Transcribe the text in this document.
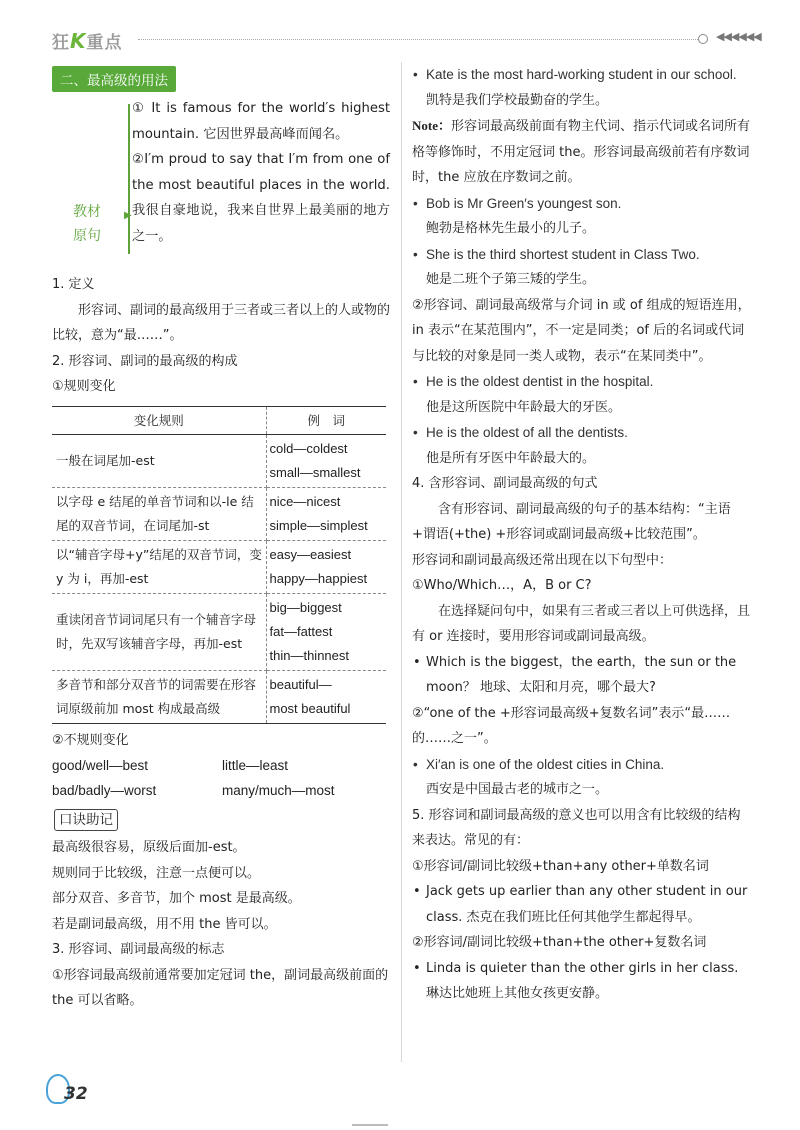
狂K重点	◀◀◀◀◀◀
二、最高级的用法
教材
原句
▶
① It is famous for the world′s highest mountain. 它因世界最高峰而闻名。
②I′m proud to say that I′m from one of the most beautiful places in the world. 我很自豪地说，我来自世界上最美丽的地方之一。
1. 定义
形容词、副词的最高级用于三者或三者以上的人或物的比较，意为“最……”。
2. 形容词、副词的最高级的构成
①规则变化
变化规则	例　词
一般在词尾加-est	cold—coldest
small—smallest

以字母 e 结尾的单音节词和以-le 结尾的双音节词，在词尾加-st	nice—nicest
simple—simplest

以“辅音字母+y”结尾的双音节词，变 y 为 i，再加-est	easy—easiest
happy—happiest

重读闭音节词词尾只有一个辅音字母时，先双写该辅音字母，再加-est	big—biggest
fat—fattest
thin—thinnest

多音节和部分双音节的词需要在形容词原级前加 most 构成最高级	beautiful—
most beautiful
②不规则变化
good/well—best	little—least
bad/badly—worst	many/much—most
口诀助记
最高级很容易，原级后面加-est。
规则同于比较级，注意一点便可以。
部分双音、多音节，加个 most 是最高级。
若是副词最高级，用不用 the 皆可以。
3. 形容词、副词最高级的标志
①形容词最高级前通常要加定冠词 the，副词最高级前面的 the 可以省略。
• Kate is the most hard-working student in our school.
凯特是我们学校最勤奋的学生。
Note：形容词最高级前面有物主代词、指示代词或名词所有格等修饰时，不用定冠词 the。形容词最高级前若有序数词时，the 应放在序数词之前。
• Bob is Mr Green′s youngest son.
鲍勃是格林先生最小的儿子。
• She is the third shortest student in Class Two.
她是二班个子第三矮的学生。
②形容词、副词最高级常与介词 in 或 of 组成的短语连用，in 表示“在某范围内”，不一定是同类；of 后的名词或代词与比较的对象是同一类人或物，表示“在某同类中”。
• He is the oldest dentist in the hospital.
他是这所医院中年龄最大的牙医。
• He is the oldest of all the dentists.
他是所有牙医中年龄最大的。
4. 含形容词、副词最高级的句式
含有形容词、副词最高级的句子的基本结构：“主语+谓语(+the) +形容词或副词最高级+比较范围”。
形容词和副词最高级还常出现在以下句型中：
①Who/Which…，A，B or C?
在选择疑问句中，如果有三者或三者以上可供选择，且有 or 连接时，要用形容词或副词最高级。
• Which is the biggest，the earth，the sun or the moon？ 地球、太阳和月亮，哪个最大?
②“one of the +形容词最高级+复数名词”表示“最……的……之一”。
• Xi′an is one of the oldest cities in China.
西安是中国最古老的城市之一。
5. 形容词和副词最高级的意义也可以用含有比较级的结构来表达。常见的有：
①形容词/副词比较级+than+any other+单数名词
• Jack gets up earlier than any other student in our class. 杰克在我们班比任何其他学生都起得早。
②形容词/副词比较级+than+the other+复数名词
• Linda is quieter than the other girls in her class. 琳达比她班上其他女孩更安静。
32
